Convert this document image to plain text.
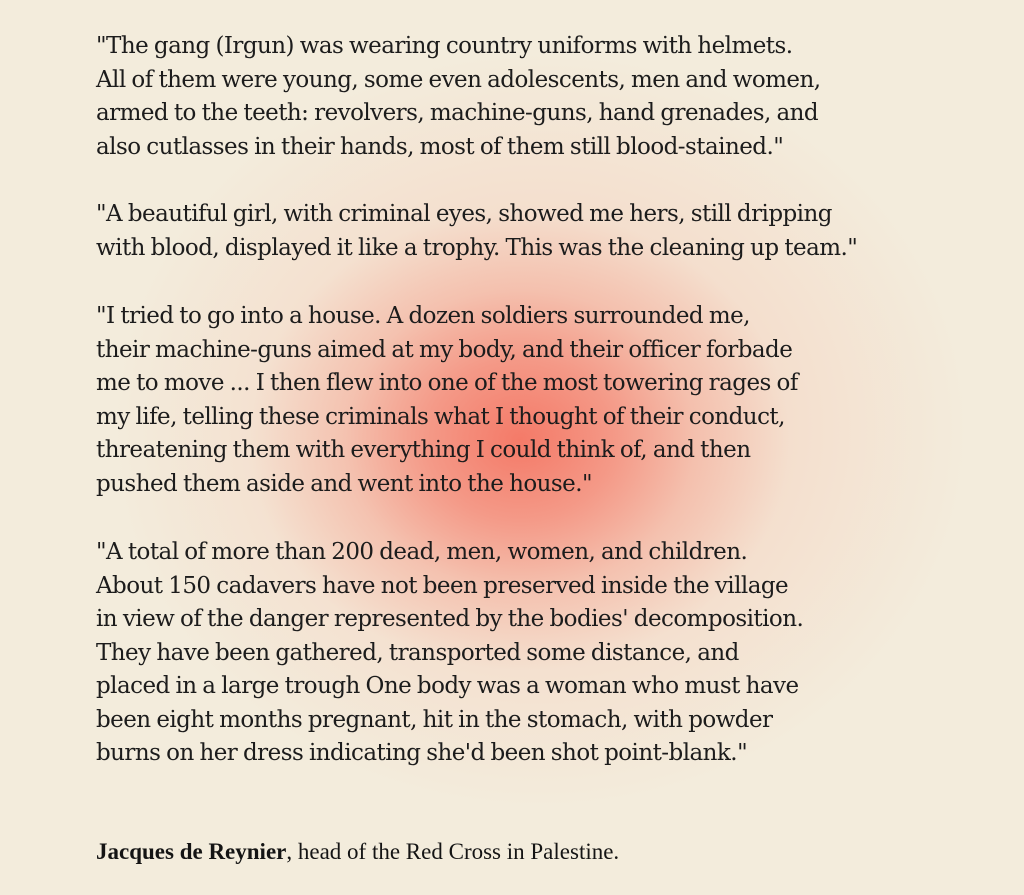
"The gang (Irgun) was wearing country uniforms with helmets.
All of them were young, some even adolescents, men and women,
armed to the teeth: revolvers, machine-guns, hand grenades, and
also cutlasses in their hands, most of them still blood-stained."
"A beautiful girl, with criminal eyes, showed me hers, still dripping
with blood, displayed it like a trophy. This was the cleaning up team."
"I tried to go into a house. A dozen soldiers surrounded me,
their machine-guns aimed at my body, and their officer forbade
me to move ... I then flew into one of the most towering rages of
my life, telling these criminals what I thought of their conduct,
threatening them with everything I could think of, and then
pushed them aside and went into the house."
"A total of more than 200 dead, men, women, and children.
About 150 cadavers have not been preserved inside the village
in view of the danger represented by the bodies' decomposition.
They have been gathered, transported some distance, and
placed in a large trough One body was a woman who must have
been eight months pregnant, hit in the stomach, with powder
burns on her dress indicating she'd been shot point-blank."
Jacques de Reynier, head of the Red Cross in Palestine.
